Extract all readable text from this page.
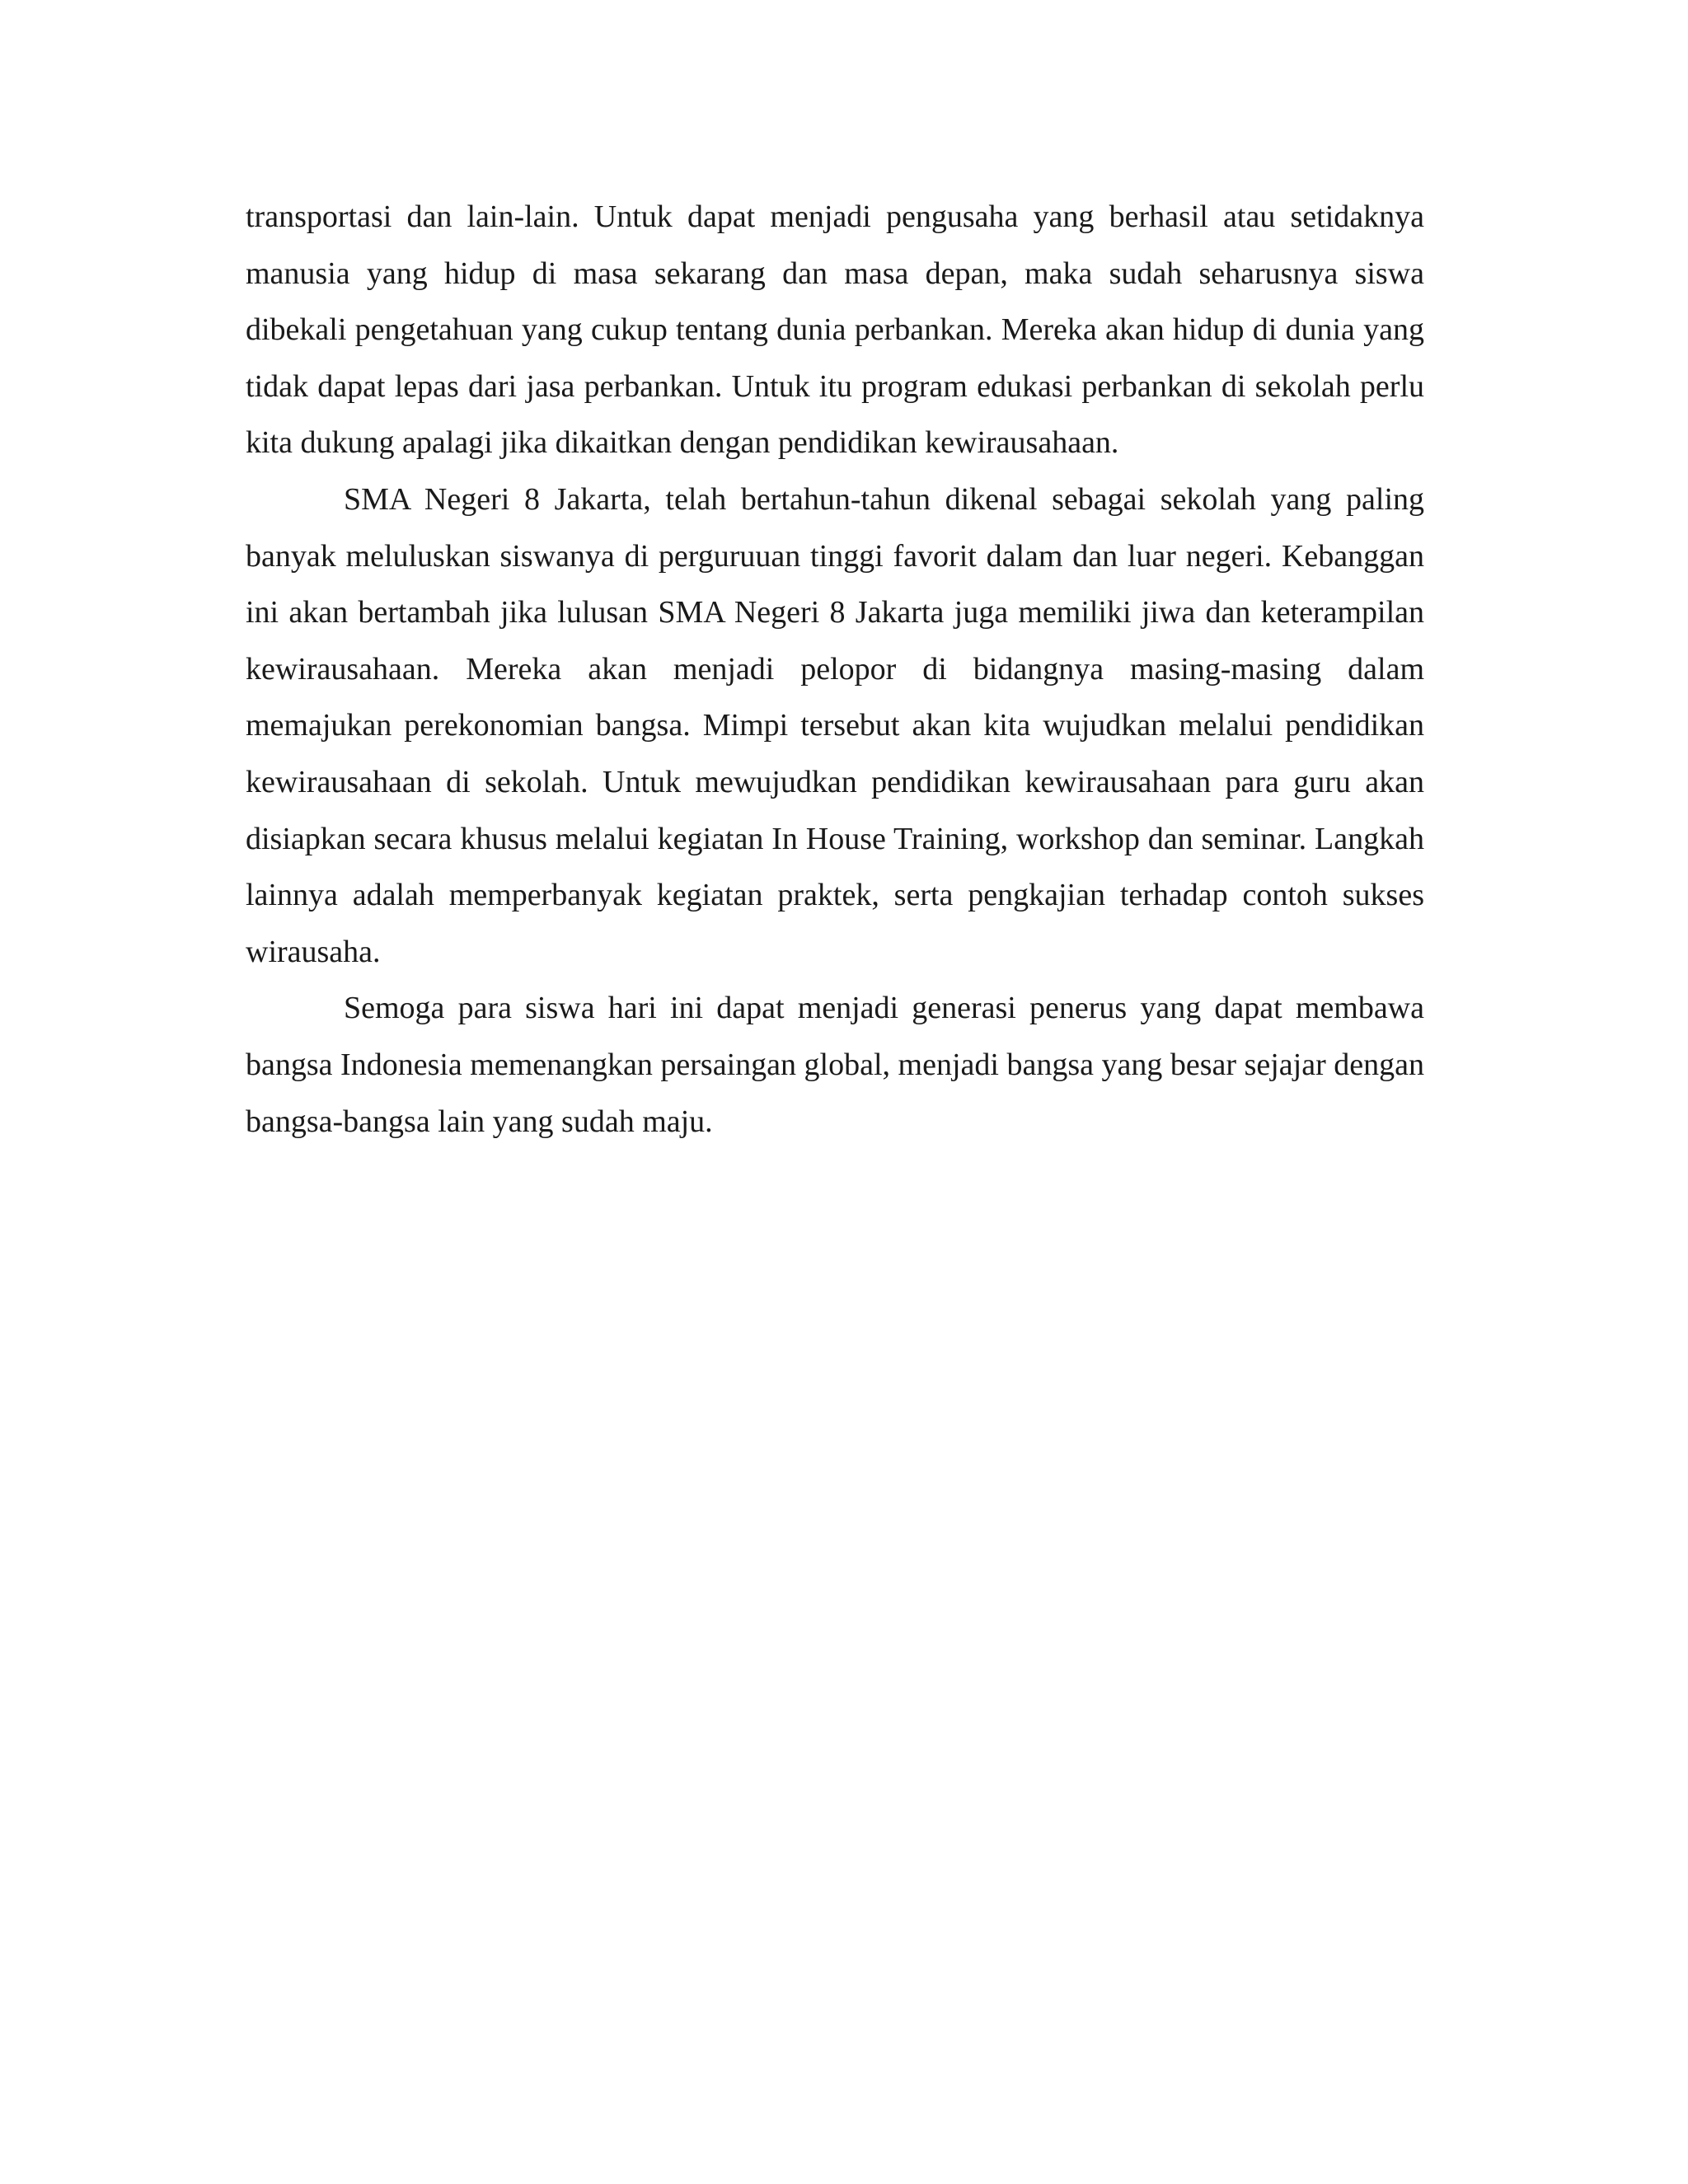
transportasi dan lain-lain. Untuk dapat menjadi pengusaha yang berhasil atau setidaknya manusia yang hidup di masa sekarang dan masa depan, maka sudah seharusnya siswa dibekali pengetahuan yang cukup tentang dunia perbankan. Mereka akan hidup di dunia yang tidak dapat lepas dari jasa perbankan. Untuk itu program edukasi perbankan di sekolah perlu kita dukung apalagi jika dikaitkan dengan pendidikan kewirausahaan.

SMA Negeri 8 Jakarta, telah bertahun-tahun dikenal sebagai sekolah yang paling banyak meluluskan siswanya di perguruuan tinggi favorit dalam dan luar negeri. Kebanggan ini akan bertambah jika lulusan SMA Negeri 8 Jakarta juga memiliki jiwa dan keterampilan kewirausahaan. Mereka akan menjadi pelopor di bidangnya masing-masing dalam memajukan perekonomian bangsa. Mimpi tersebut akan kita wujudkan melalui pendidikan kewirausahaan di sekolah. Untuk mewujudkan pendidikan kewirausahaan para guru akan disiapkan secara khusus melalui kegiatan In House Training, workshop dan seminar. Langkah lainnya adalah memperbanyak kegiatan praktek, serta pengkajian terhadap contoh sukses wirausaha.

Semoga para siswa hari ini dapat menjadi generasi penerus yang dapat membawa bangsa Indonesia memenangkan persaingan global, menjadi bangsa yang besar sejajar dengan bangsa-bangsa lain yang sudah maju.
